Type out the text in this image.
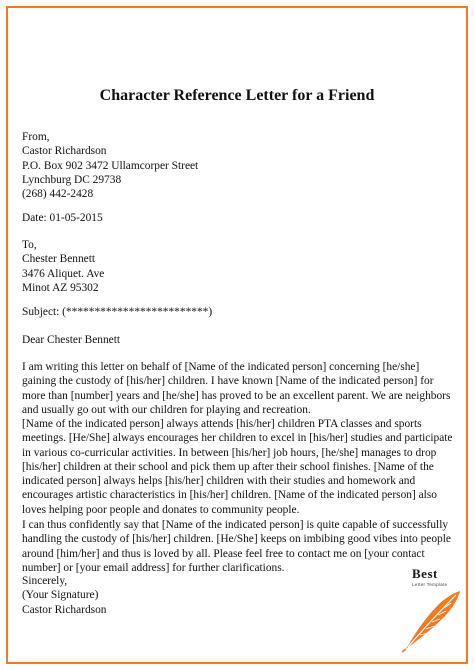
Character Reference Letter for a Friend
From,
Castor Richardson
P.O. Box 902 3472 Ullamcorper Street
Lynchburg DC 29738
(268) 442-2428
Date: 01-05-2015
To,
Chester Bennett
3476 Aliquet. Ave
Minot AZ 95302
Subject: (*************************)
Dear Chester Bennett
I am writing this letter on behalf of [Name of the indicated person] concerning [he/she] gaining the custody of [his/her] children. I have known [Name of the indicated person] for more than [number] years and [he/she] has proved to be an excellent parent. We are neighbors and usually go out with our children for playing and recreation.
[Name of the indicated person] always attends [his/her] children PTA classes and sports meetings. [He/She] always encourages her children to excel in [his/her] studies and participate in various co-curricular activities. In between [his/her] job hours, [he/she] manages to drop [his/her] children at their school and pick them up after their school finishes. [Name of the indicated person] always helps [his/her] children with their studies and homework and encourages artistic characteristics in [his/her] children. [Name of the indicated person] also loves helping poor people and donates to community people.
I can thus confidently say that [Name of the indicated person] is quite capable of successfully handling the custody of [his/her] children. [He/She] keeps on imbibing good vibes into people around [him/her] and thus is loved by all. Please feel free to contact me on [your contact number] or [your email address] for further clarifications.
Sincerely,
(Your Signature)
Castor Richardson
Best
Letter Template
